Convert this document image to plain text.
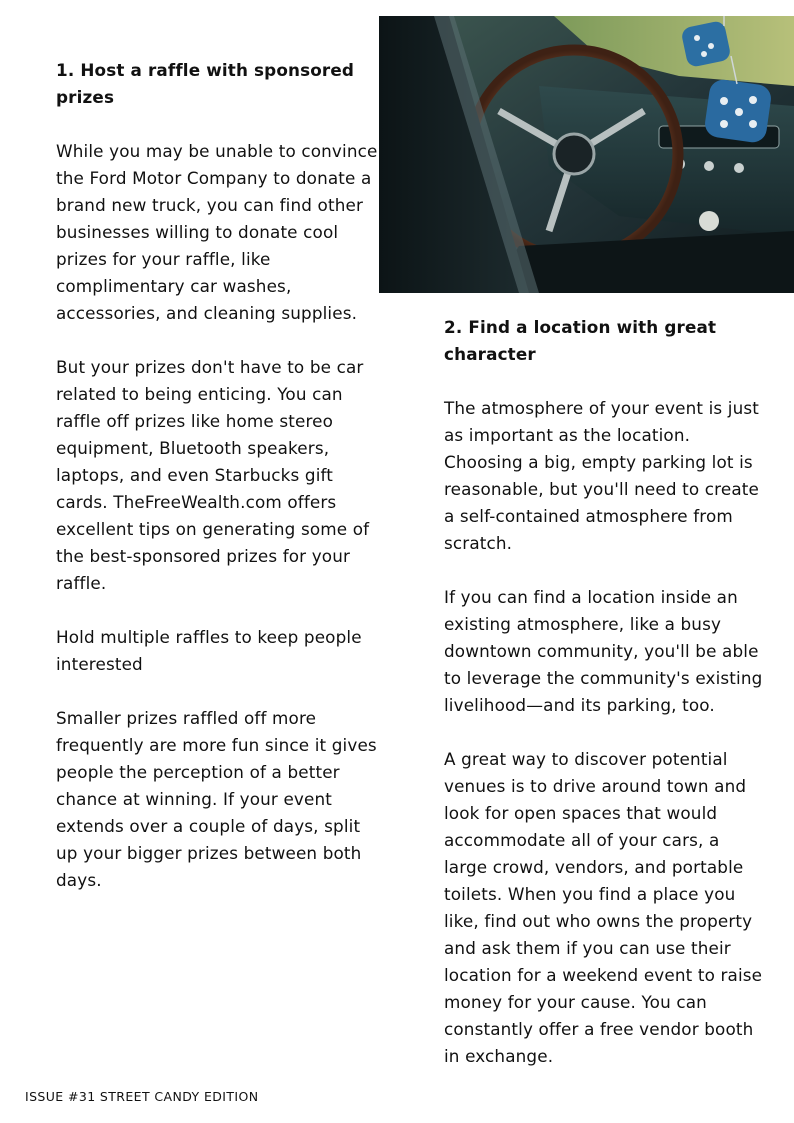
1. Host a raffle with sponsored prizes
While you may be unable to convince the Ford Motor Company to donate a brand new truck, you can find other businesses willing to donate cool prizes for your raffle, like complimentary car washes, accessories, and cleaning supplies.
But your prizes don't have to be car related to being enticing. You can raffle off prizes like home stereo equipment, Bluetooth speakers, laptops, and even Starbucks gift cards. TheFreeWealth.com offers excellent tips on generating some of the best-sponsored prizes for your raffle.
Hold multiple raffles to keep people interested
Smaller prizes raffled off more frequently are more fun since it gives people the perception of a better chance at winning. If your event extends over a couple of days, split up your bigger prizes between both days.
2. Find a location with great character
The atmosphere of your event is just as important as the location. Choosing a big, empty parking lot is reasonable, but you'll need to create a self-contained atmosphere from scratch.
If you can find a location inside an existing atmosphere, like a busy downtown community, you'll be able to leverage the community's existing livelihood—and its parking, too.
A great way to discover potential venues is to drive around town and look for open spaces that would accommodate all of your cars, a large crowd, vendors, and portable toilets. When you find a place you like, find out who owns the property and ask them if you can use their location for a weekend event to raise money for your cause. You can constantly offer a free vendor booth in exchange.
ISSUE #31 STREET CANDY EDITION
